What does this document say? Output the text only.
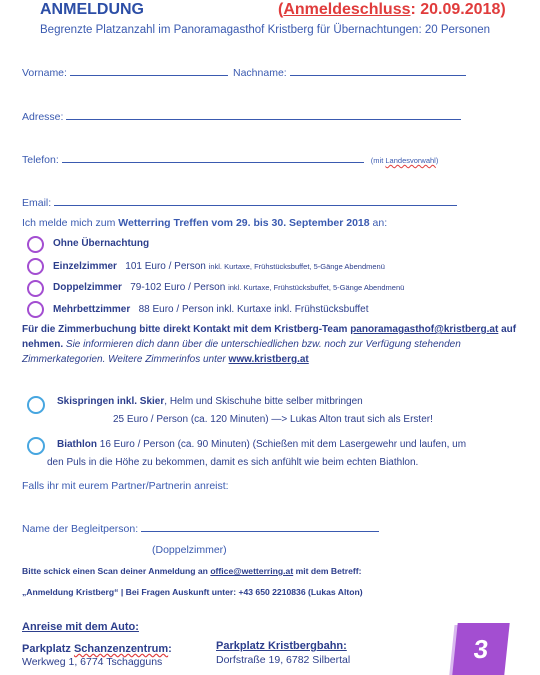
ANMELDUNG	(Anmeldeschluss: 20.09.2018)
Begrenzte Platzanzahl im Panoramagasthof Kristberg für Übernachtungen: 20 Personen
Vorname:	Nachname:
Adresse:
Telefon:	(mit Landesvorwahl)
Email:
Ich melde mich zum Wetterring Treffen vom 29. bis 30. September 2018 an:
Ohne Übernachtung
Einzelzimmer 101 Euro / Person inkl. Kurtaxe, Frühstücksbuffet, 5-Gänge Abendmenü
Doppelzimmer 79-102 Euro / Person inkl. Kurtaxe, Frühstücksbuffet, 5-Gänge Abendmenü
Mehrbettzimmer 88 Euro / Person inkl. Kurtaxe inkl. Frühstücksbuffet
Für die Zimmerbuchung bitte direkt Kontakt mit dem Kristberg-Team panoramagasthof@kristberg.at auf nehmen. Sie informieren dich dann über die unterschiedlichen bzw. noch zur Verfügung stehenden Zimmerkategorien. Weitere Zimmerinfos unter www.kristberg.at
Skispringen inkl. Skier, Helm und Skischuhe bitte selber mitbringen
25 Euro / Person (ca. 120 Minuten) —> Lukas Alton traut sich als Erster!
Biathlon 16 Euro / Person (ca. 90 Minuten) (Schießen mit dem Lasergewehr und laufen, um
den Puls in die Höhe zu bekommen, damit es sich anfühlt wie beim echten Biathlon.
Falls ihr mit eurem Partner/Partnerin anreist:
Name der Begleitperson:
(Doppelzimmer)
Bitte schick einen Scan deiner Anmeldung an office@wetterring.at mit dem Betreff:
„Anmeldung Kristberg“ | Bei Fragen Auskunft unter: +43 650 2210836 (Lukas Alton)
Anreise mit dem Auto:
Parkplatz Schanzenzentrum:
Werkweg 1, 6774 Tschagguns
Parkplatz Kristbergbahn:
Dorfstraße 19, 6782 Silbertal	3
